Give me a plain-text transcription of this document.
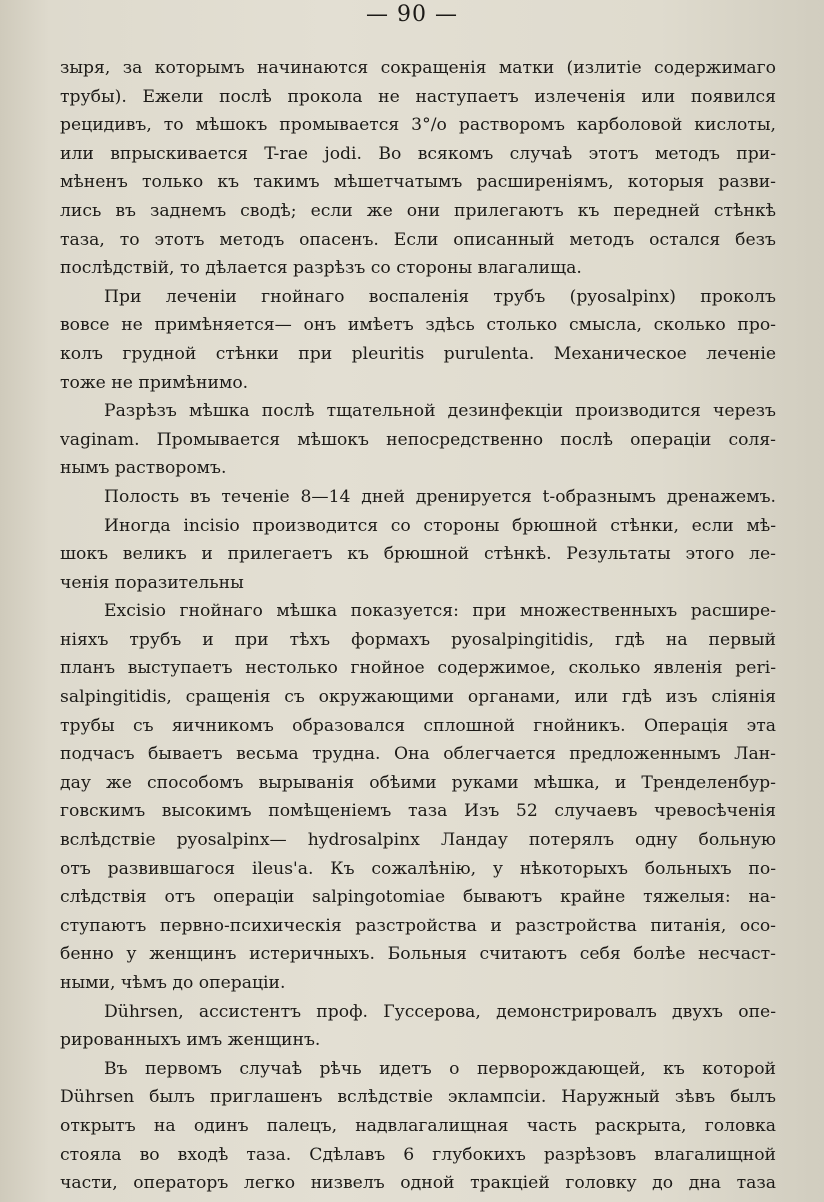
— 90 —
зыря, за которымъ начинаются сокращенія матки (излитіе содержимаго
трубы). Ежели послѣ прокола не наступаетъ излеченія или появился
рецидивъ, то мѣшокъ промывается 3°/о растворомъ карболовой кислоты,
или впрыскивается T-rae jodi. Во всякомъ случаѣ этотъ методъ при-
мѣненъ только къ такимъ мѣшетчатымъ расширеніямъ, которыя разви-
лись въ заднемъ сводѣ; если же они прилегаютъ къ передней стѣнкѣ
таза, то этотъ методъ опасенъ. Если описанный методъ остался безъ
послѣдствій, то дѣлается разрѣзъ со стороны влагалища.
При леченіи гнойнаго воспаленія трубъ (pyosalpinx) проколъ
вовсе не примѣняется— онъ имѣетъ здѣсь столько смысла, сколько про-
колъ грудной стѣнки при pleuritis purulenta. Механическое леченіе
тоже не примѣнимо.
Разрѣзъ мѣшка послѣ тщательной дезинфекціи производится черезъ
vaginam. Промывается мѣшокъ непосредственно послѣ операціи соля-
нымъ растворомъ.
Полость въ теченіе 8—14 дней дренируется t-образнымъ дренажемъ.
Иногда incisio производится со стороны брюшной стѣнки, если мѣ-
шокъ великъ и прилегаетъ къ брюшной стѣнкѣ. Результаты этого ле-
ченія поразительны
Excisio гнойнаго мѣшка показуется: при множественныхъ расшире-
ніяхъ трубъ и при тѣхъ формахъ pyosalpingitidis, гдѣ на первый
планъ выступаетъ нестолько гнойное содержимое, сколько явленія peri-
salpingitidis, сращенія съ окружающими органами, или гдѣ изъ сліянія
трубы съ яичникомъ образовался сплошной гнойникъ. Операція эта
подчасъ бываетъ весьма трудна. Она облегчается предложеннымъ Лан-
дау же способомъ вырыванія обѣими руками мѣшка, и Тренделенбур-
говскимъ высокимъ помѣщеніемъ таза Изъ 52 случаевъ чревосѣченія
вслѣдствіе pyosalpinx— hydrosalpinx Ландау потерялъ одну больную
отъ развившагося ileus'a. Къ сожалѣнію, у нѣкоторыхъ больныхъ по-
слѣдствія отъ операціи salpingotomiae бываютъ крайне тяжелыя: на-
ступаютъ первно-психическія разстройства и разстройства питанія, осо-
бенно у женщинъ истеричныхъ. Больныя считаютъ себя болѣе несчаст-
ными, чѣмъ до операціи.
Dührsen, ассистентъ проф. Гуссерова, демонстрировалъ двухъ опе-
рированныхъ имъ женщинъ.
Въ первомъ случаѣ рѣчь идетъ о перворождающей, къ которой
Dührsen былъ приглашенъ вслѣдствіе эклампсіи. Наружный зѣвъ былъ
открытъ на одинъ палецъ, надвлагалищная часть раскрыта, головка
стояла во входѣ таза. Сдѣлавъ 6 глубокихъ разрѣзовъ влагалищной
части, операторъ легко низвелъ одной тракціей головку до дна таза
